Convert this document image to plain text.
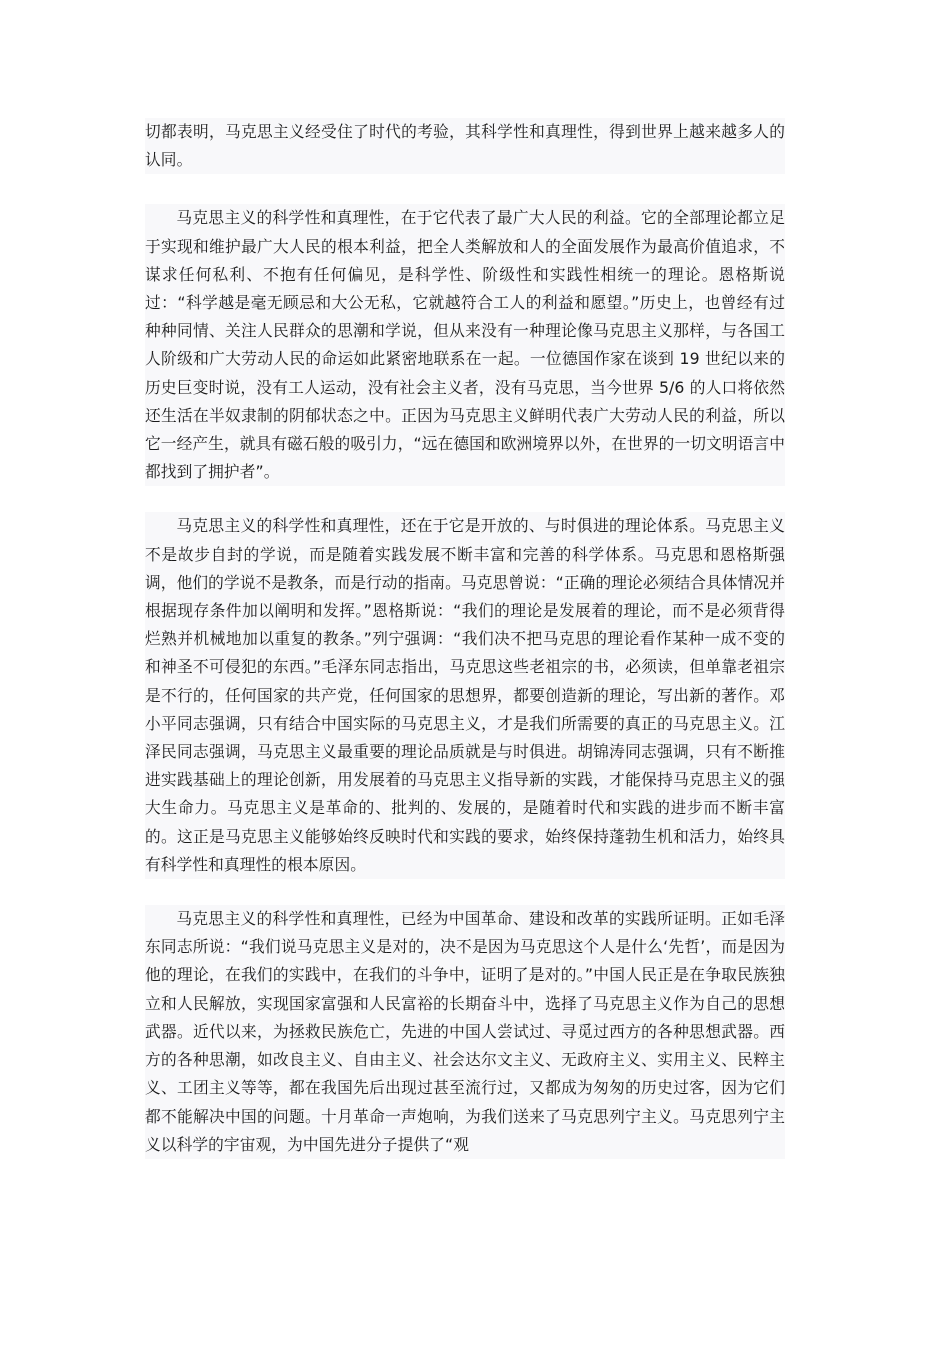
切都表明，马克思主义经受住了时代的考验，其科学性和真理性，得到世界上越来越多人的认同。

马克思主义的科学性和真理性，在于它代表了最广大人民的利益。它的全部理论都立足于实现和维护最广大人民的根本利益，把全人类解放和人的全面发展作为最高价值追求，不谋求任何私利、不抱有任何偏见，是科学性、阶级性和实践性相统一的理论。恩格斯说过：“科学越是毫无顾忌和大公无私，它就越符合工人的利益和愿望。”历史上，也曾经有过种种同情、关注人民群众的思潮和学说，但从来没有一种理论像马克思主义那样，与各国工人阶级和广大劳动人民的命运如此紧密地联系在一起。一位德国作家在谈到 19 世纪以来的历史巨变时说，没有工人运动，没有社会主义者，没有马克思，当今世界 5/6 的人口将依然还生活在半奴隶制的阴郁状态之中。正因为马克思主义鲜明代表广大劳动人民的利益，所以它一经产生，就具有磁石般的吸引力，“远在德国和欧洲境界以外，在世界的一切文明语言中都找到了拥护者”。

马克思主义的科学性和真理性，还在于它是开放的、与时俱进的理论体系。马克思主义不是故步自封的学说，而是随着实践发展不断丰富和完善的科学体系。马克思和恩格斯强调，他们的学说不是教条，而是行动的指南。马克思曾说：“正确的理论必须结合具体情况并根据现存条件加以阐明和发挥。”恩格斯说：“我们的理论是发展着的理论，而不是必须背得烂熟并机械地加以重复的教条。”列宁强调：“我们决不把马克思的理论看作某种一成不变的和神圣不可侵犯的东西。”毛泽东同志指出，马克思这些老祖宗的书，必须读，但单靠老祖宗是不行的，任何国家的共产党，任何国家的思想界，都要创造新的理论，写出新的著作。邓小平同志强调，只有结合中国实际的马克思主义，才是我们所需要的真正的马克思主义。江泽民同志强调，马克思主义最重要的理论品质就是与时俱进。胡锦涛同志强调，只有不断推进实践基础上的理论创新，用发展着的马克思主义指导新的实践，才能保持马克思主义的强大生命力。马克思主义是革命的、批判的、发展的，是随着时代和实践的进步而不断丰富的。这正是马克思主义能够始终反映时代和实践的要求，始终保持蓬勃生机和活力，始终具有科学性和真理性的根本原因。

马克思主义的科学性和真理性，已经为中国革命、建设和改革的实践所证明。正如毛泽东同志所说：“我们说马克思主义是对的，决不是因为马克思这个人是什么‘先哲’，而是因为他的理论，在我们的实践中，在我们的斗争中，证明了是对的。”中国人民正是在争取民族独立和人民解放，实现国家富强和人民富裕的长期奋斗中，选择了马克思主义作为自己的思想武器。近代以来，为拯救民族危亡，先进的中国人尝试过、寻觅过西方的各种思想武器。西方的各种思潮，如改良主义、自由主义、社会达尔文主义、无政府主义、实用主义、民粹主义、工团主义等等，都在我国先后出现过甚至流行过，又都成为匆匆的历史过客，因为它们都不能解决中国的问题。十月革命一声炮响，为我们送来了马克思列宁主义。马克思列宁主义以科学的宇宙观，为中国先进分子提供了“观
